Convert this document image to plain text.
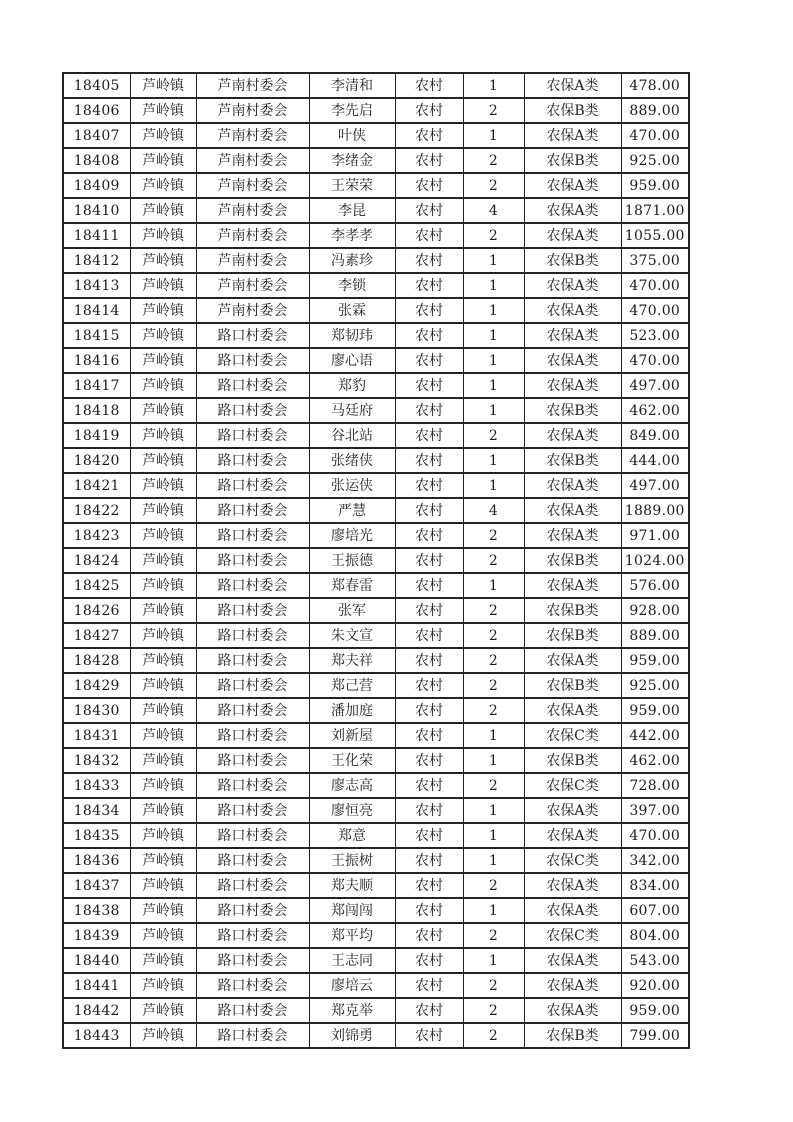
18405	芦岭镇	芦南村委会	李清和	农村	1	农保A类	478.00
18406	芦岭镇	芦南村委会	李先启	农村	2	农保B类	889.00
18407	芦岭镇	芦南村委会	叶侠	农村	1	农保A类	470.00
18408	芦岭镇	芦南村委会	李绪金	农村	2	农保B类	925.00
18409	芦岭镇	芦南村委会	王荣荣	农村	2	农保A类	959.00
18410	芦岭镇	芦南村委会	李昆	农村	4	农保A类	1871.00
18411	芦岭镇	芦南村委会	李孝孝	农村	2	农保A类	1055.00
18412	芦岭镇	芦南村委会	冯素珍	农村	1	农保B类	375.00
18413	芦岭镇	芦南村委会	李锁	农村	1	农保A类	470.00
18414	芦岭镇	芦南村委会	张霖	农村	1	农保A类	470.00
18415	芦岭镇	路口村委会	郑韧玮	农村	1	农保A类	523.00
18416	芦岭镇	路口村委会	廖心语	农村	1	农保A类	470.00
18417	芦岭镇	路口村委会	郑豹	农村	1	农保A类	497.00
18418	芦岭镇	路口村委会	马廷府	农村	1	农保B类	462.00
18419	芦岭镇	路口村委会	谷北站	农村	2	农保A类	849.00
18420	芦岭镇	路口村委会	张绪侠	农村	1	农保B类	444.00
18421	芦岭镇	路口村委会	张运侠	农村	1	农保A类	497.00
18422	芦岭镇	路口村委会	严慧	农村	4	农保A类	1889.00
18423	芦岭镇	路口村委会	廖培光	农村	2	农保A类	971.00
18424	芦岭镇	路口村委会	王振德	农村	2	农保B类	1024.00
18425	芦岭镇	路口村委会	郑春雷	农村	1	农保A类	576.00
18426	芦岭镇	路口村委会	张军	农村	2	农保B类	928.00
18427	芦岭镇	路口村委会	朱文宣	农村	2	农保B类	889.00
18428	芦岭镇	路口村委会	郑夫祥	农村	2	农保A类	959.00
18429	芦岭镇	路口村委会	郑己营	农村	2	农保B类	925.00
18430	芦岭镇	路口村委会	潘加庭	农村	2	农保A类	959.00
18431	芦岭镇	路口村委会	刘新屋	农村	1	农保C类	442.00
18432	芦岭镇	路口村委会	王化荣	农村	1	农保B类	462.00
18433	芦岭镇	路口村委会	廖志高	农村	2	农保C类	728.00
18434	芦岭镇	路口村委会	廖恒亮	农村	1	农保A类	397.00
18435	芦岭镇	路口村委会	郑意	农村	1	农保A类	470.00
18436	芦岭镇	路口村委会	王振树	农村	1	农保C类	342.00
18437	芦岭镇	路口村委会	郑夫顺	农村	2	农保A类	834.00
18438	芦岭镇	路口村委会	郑闯闯	农村	1	农保A类	607.00
18439	芦岭镇	路口村委会	郑平均	农村	2	农保C类	804.00
18440	芦岭镇	路口村委会	王志同	农村	1	农保A类	543.00
18441	芦岭镇	路口村委会	廖培云	农村	2	农保A类	920.00
18442	芦岭镇	路口村委会	郑克举	农村	2	农保A类	959.00
18443	芦岭镇	路口村委会	刘锦勇	农村	2	农保B类	799.00
